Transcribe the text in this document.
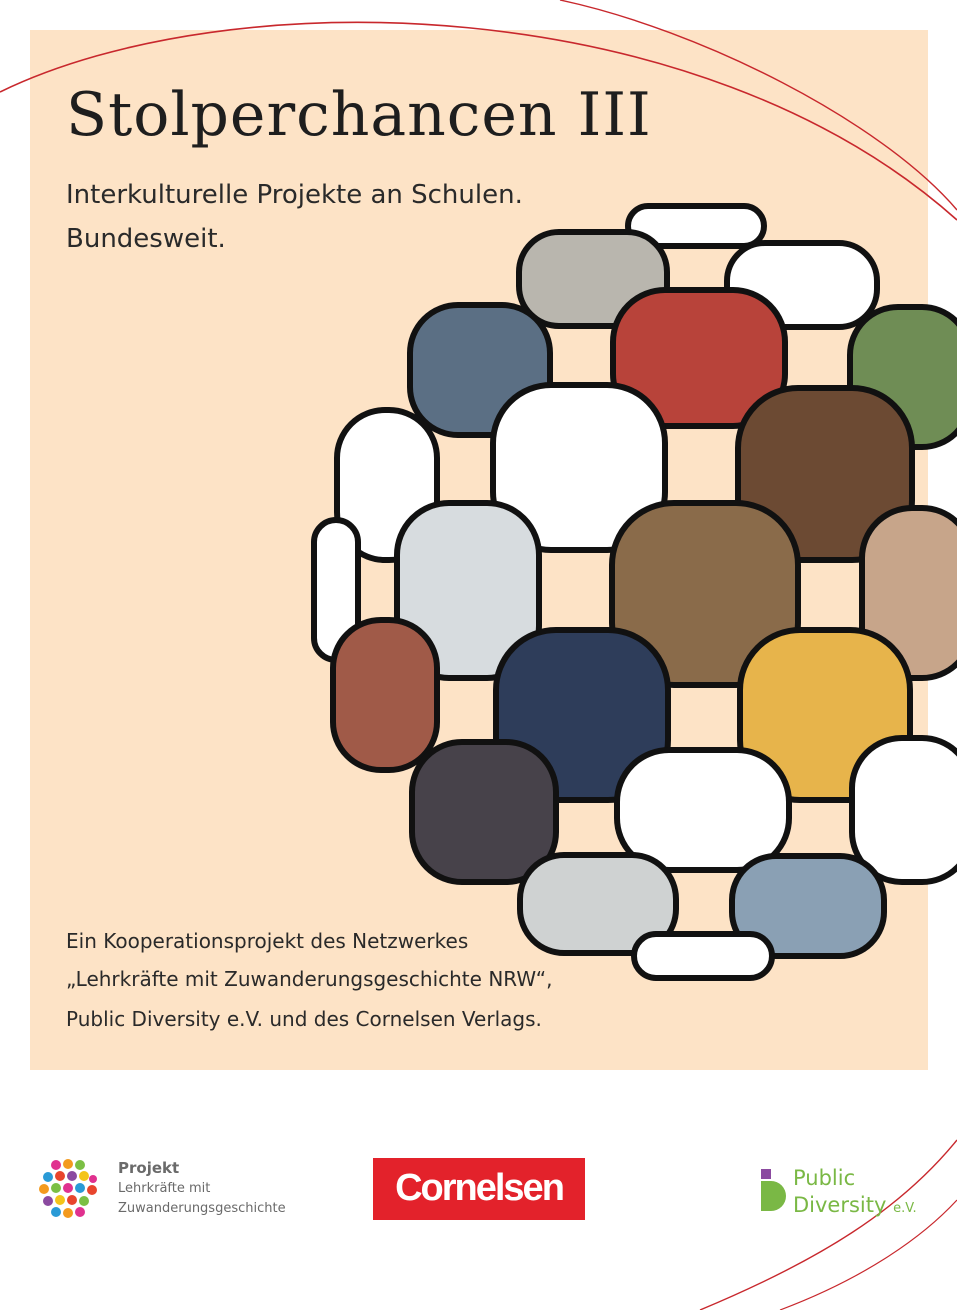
Stolperchancen III
Interkulturelle Projekte an Schulen.
Bundesweit.
Ein Kooperationsprojekt des Netzwerkes
„Lehrkräfte mit Zuwanderungsgeschichte NRW“,
Public Diversity e.V. und des Cornelsen Verlags.
Projekt
Lehrkräfte mit
Zuwanderungsgeschichte	Cornelsen	Public
Diversity e.V.
